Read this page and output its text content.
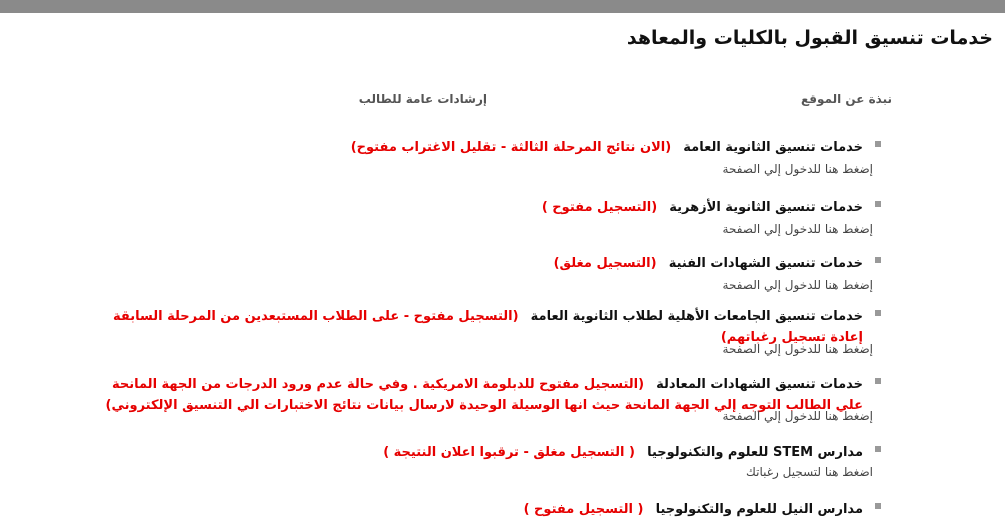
خدمات تنسيق القبول بالكليات والمعاهد
نبذة عن الموقع
إرشادات عامة للطالب
خدمات تنسيق الثانوية العامة (الان نتائج المرحلة الثالثة - تقليل الاغتراب مفتوح)
إضغط هنا للدخول إلي الصفحة
خدمات تنسيق الثانوية الأزهرية (التسجيل مفتوح )
إضغط هنا للدخول إلي الصفحة
خدمات تنسيق الشهادات الفنية (التسجيل مغلق)
إضغط هنا للدخول إلي الصفحة
خدمات تنسيق الجامعات الأهلية لطلاب الثانوية العامة (التسجيل مفتوح - على الطلاب المستبعدين من المرحلة السابقة إعادة تسجيل رغباتهم)
إضغط هنا للدخول إلي الصفحة
خدمات تنسيق الشهادات المعادلة (التسجيل مفتوح للدبلومة الامريكية . وفي حالة عدم ورود الدرجات من الجهة المانحة علي الطالب التوجه إلي الجهة المانحة حيث انها الوسيلة الوحيدة لارسال بيانات نتائج الاختبارات الي التنسيق الإلكتروني)
إضغط هنا للدخول إلي الصفحة
مدارس STEM للعلوم والتكنولوجيا ( التسجيل مغلق - ترقبوا اعلان النتيجة )
اضغط هنا لتسجيل رغباتك
مدارس النيل للعلوم والتكنولوجيا ( التسجيل مفتوح )
